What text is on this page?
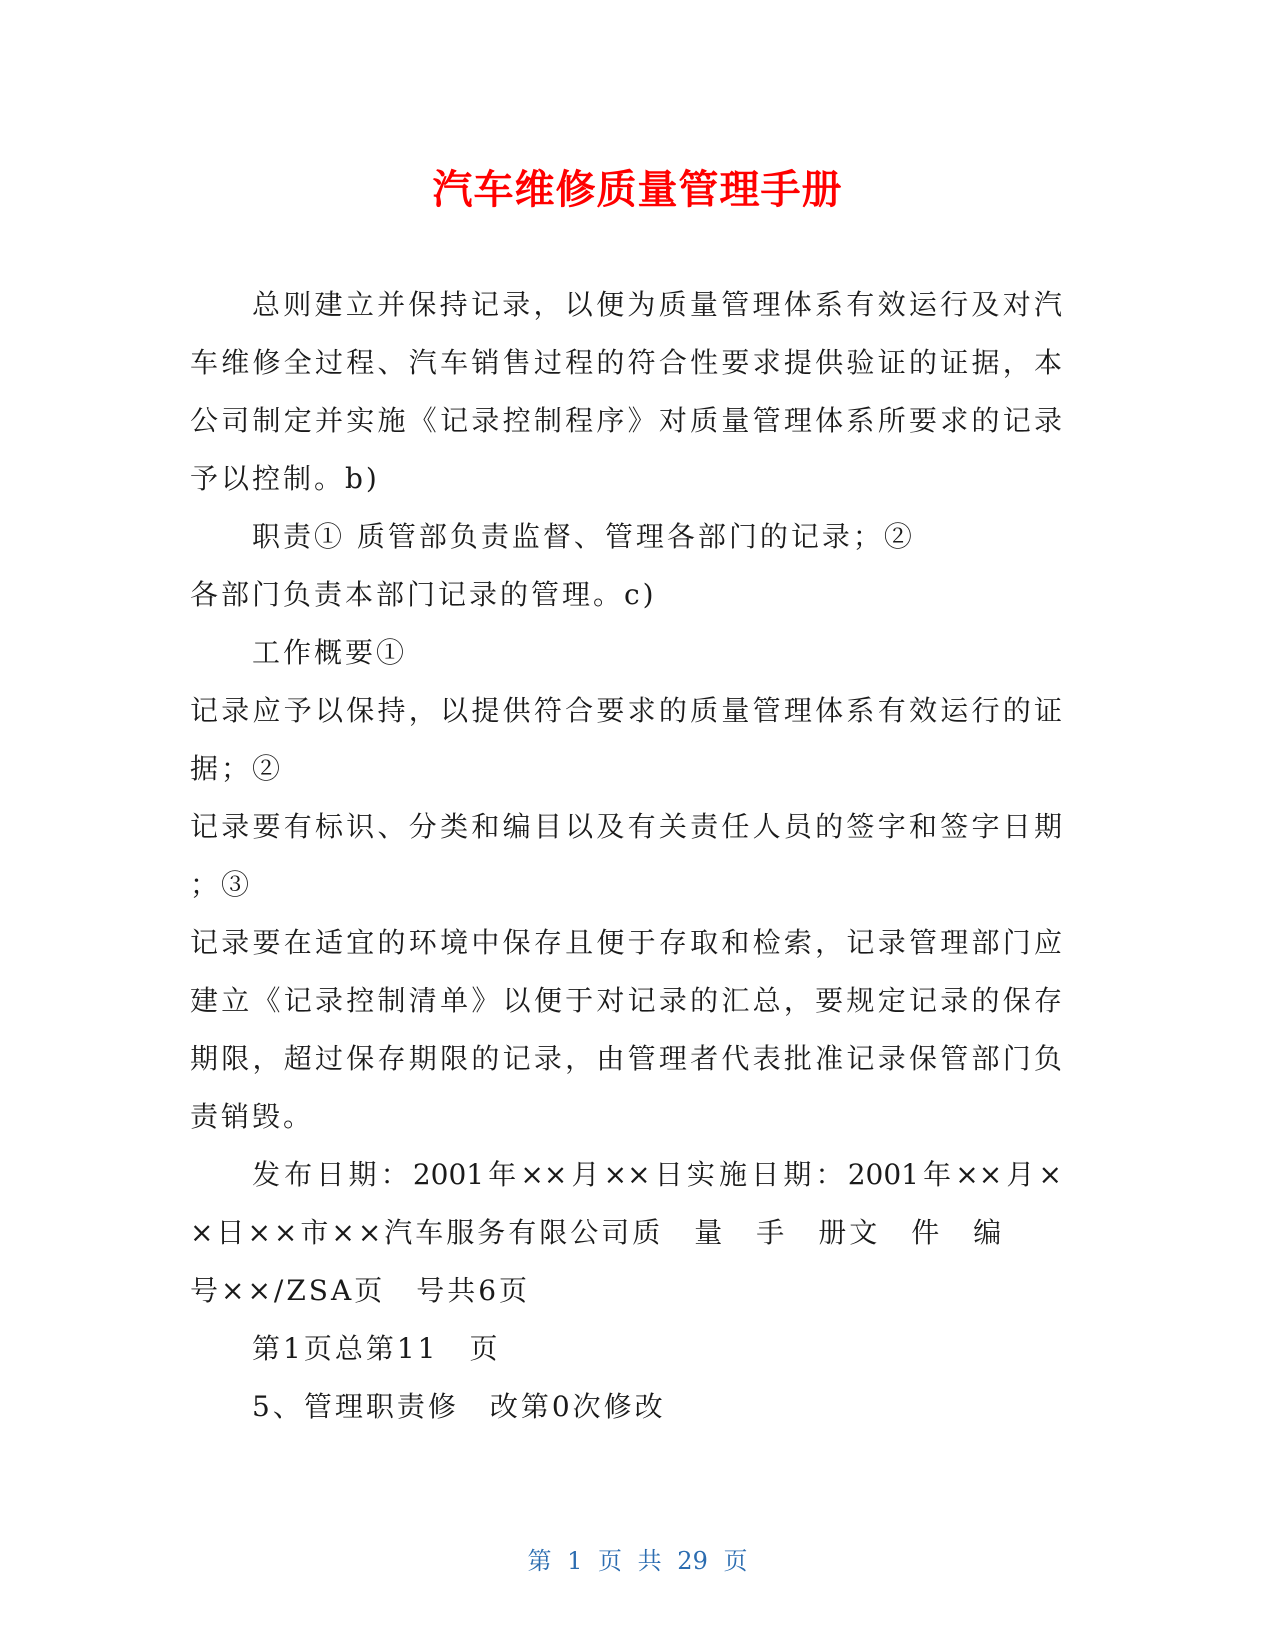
汽车维修质量管理手册
总则建立并保持记录，以便为质量管理体系有效运行及对汽
车维修全过程、汽车销售过程的符合性要求提供验证的证据，本
公司制定并实施《记录控制程序》对质量管理体系所要求的记录
予以控制。b)
职责① 质管部负责监督、管理各部门的记录；②
各部门负责本部门记录的管理。c)
工作概要①
记录应予以保持，以提供符合要求的质量管理体系有效运行的证
据；②
记录要有标识、分类和编目以及有关责任人员的签字和签字日期
；③
记录要在适宜的环境中保存且便于存取和检索，记录管理部门应
建立《记录控制清单》以便于对记录的汇总，要规定记录的保存
期限，超过保存期限的记录，由管理者代表批准记录保管部门负
责销毁。
发布日期：2001年××月××日实施日期：2001年××月×
×日××市××汽车服务有限公司质　量　手　册文　件　编
号××/ZSA页　号共6页
第1页总第11　页
5、管理职责修　改第0次修改
第 1 页 共 29 页
